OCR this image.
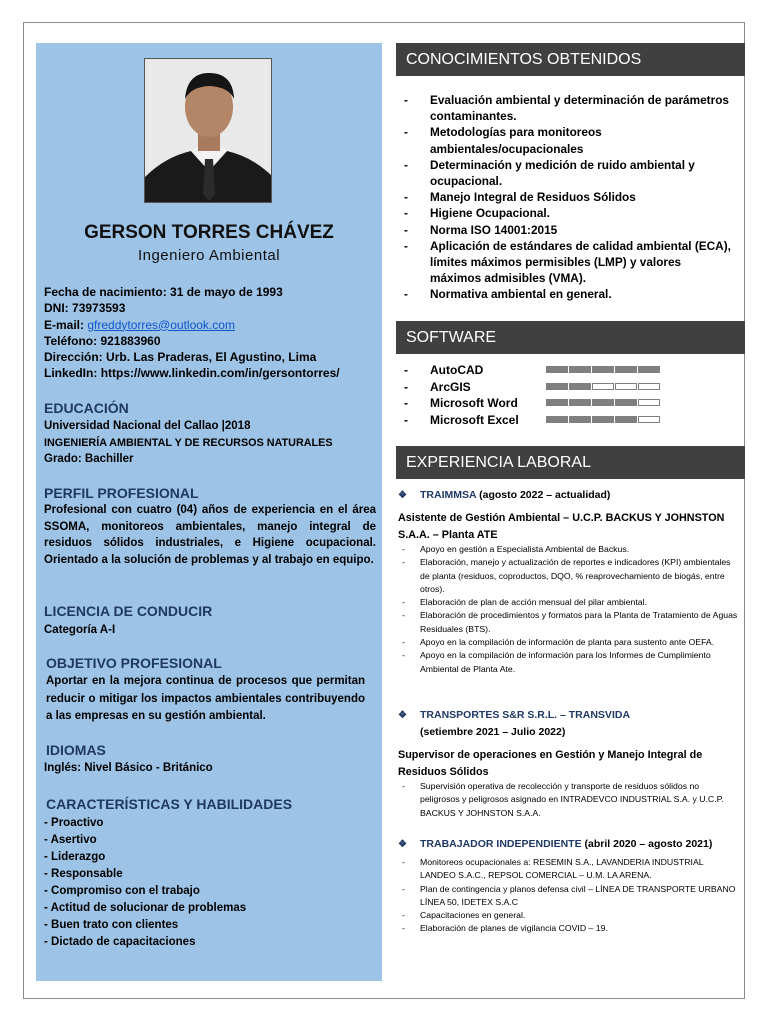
GERSON TORRES CHÁVEZ
Ingeniero Ambiental
Fecha de nacimiento: 31 de mayo de 1993
DNI: 73973593
E-mail: gfreddytorres@outlook.com
Teléfono: 921883960
Dirección: Urb. Las Praderas, El Agustino, Lima
LinkedIn: https://www.linkedin.com/in/gersontorres/
EDUCACIÓN
Universidad Nacional del Callao |2018
INGENIERÍA AMBIENTAL Y DE RECURSOS NATURALES
Grado: Bachiller
PERFIL PROFESIONAL
Profesional con cuatro (04) años de experiencia en el área SSOMA, monitoreos ambientales, manejo integral de residuos sólidos industriales, e Higiene ocupacional. Orientado a la solución de problemas y al trabajo en equipo.
LICENCIA DE CONDUCIR
Categoría A-I
OBJETIVO PROFESIONAL
Aportar en la mejora continua de procesos que permitan reducir o mitigar los impactos ambientales contribuyendo a las empresas en su gestión ambiental.
IDIOMAS
Inglés: Nivel Básico - Británico
CARACTERÍSTICAS Y HABILIDADES
- Proactivo
- Asertivo
- Liderazgo
- Responsable
- Compromiso con el trabajo
- Actitud de solucionar de problemas
- Buen trato con clientes
- Dictado de capacitaciones
CONOCIMIENTOS OBTENIDOS
- Evaluación ambiental y determinación de parámetros contaminantes.
- Metodologías para monitoreos ambientales/ocupacionales
- Determinación y medición de ruido ambiental y ocupacional.
- Manejo Integral de Residuos Sólidos
- Higiene Ocupacional.
- Norma ISO 14001:2015
- Aplicación de estándares de calidad ambiental (ECA), límites máximos permisibles (LMP) y valores máximos admisibles (VMA).
- Normativa ambiental en general.
SOFTWARE
- AutoCAD
- ArcGIS
- Microsoft Word
- Microsoft Excel
EXPERIENCIA LABORAL
❖ TRAIMMSA (agosto 2022 – actualidad)
Asistente de Gestión Ambiental – U.C.P. BACKUS Y JOHNSTON S.A.A. – Planta ATE
- Apoyo en gestión a Especialista Ambiental de Backus.
- Elaboración, manejo y actualización de reportes e indicadores (KPI) ambientales de planta (residuos, coproductos, DQO, % reaprovechamiento de biogás, entre otros).
- Elaboración de plan de acción mensual del pilar ambiental.
- Elaboración de procedimientos y formatos para la Planta de Tratamiento de Aguas Residuales (BTS).
- Apoyo en la compilación de información de planta para sustento ante OEFA.
- Apoyo en la compilación de información para los Informes de Cumplimiento Ambiental de Planta Ate.
❖ TRANSPORTES S&R S.R.L. – TRANSVIDA
(setiembre 2021 – Julio 2022)
Supervisor de operaciones en Gestión y Manejo Integral de Residuos Sólidos
- Supervisión operativa de recolección y transporte de residuos sólidos no peligrosos y peligrosos asignado en INTRADEVCO INDUSTRIAL S.A. y U.C.P. BACKUS Y JOHNSTON S.A.A.
❖ TRABAJADOR INDEPENDIENTE (abril 2020 – agosto 2021)
- Monitoreos ocupacionales a: RESEMIN S.A., LAVANDERIA INDUSTRIAL LANDEO S.A.C., REPSOL COMERCIAL – U.M. LA ARENA.
- Plan de contingencia y planos defensa civil – LÍNEA DE TRANSPORTE URBANO LÍNEA 50, IDETEX S.A.C
- Capacitaciones en general.
- Elaboración de planes de vigilancia COVID – 19.
